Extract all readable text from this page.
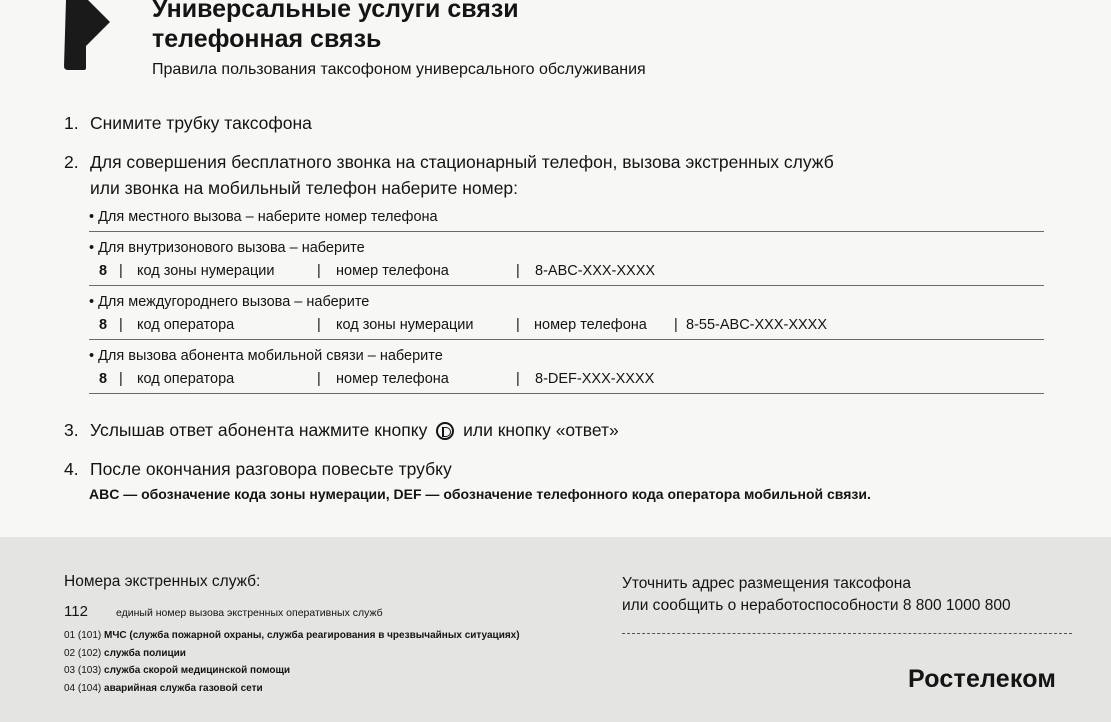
Универсальные услуги связи
телефонная связь
Правила пользования таксофоном универсального обслуживания
1. Снимите трубку таксофона
2. Для совершения бесплатного звонка на стационарный телефон, вызова экстренных служб
или звонка на мобильный телефон наберите номер:
• Для местного вызова – наберите номер телефона
• Для внутризонового вызова – наберите
8 | код зоны нумерации	| номер телефона	| 8-ABC-XXX-XXXX
• Для междугороднего вызова – наберите
8 | код оператора	| код зоны нумерации	| номер телефона | 8-55-ABC-XXX-XXXX
• Для вызова абонента мобильной связи – наберите
8 | код оператора	| номер телефона	| 8-DEF-XXX-XXXX
3. Услышав ответ абонента нажмите кнопку или кнопку «ответ»
4. После окончания разговора повесьте трубку
ABC — обозначение кода зоны нумерации, DEF — обозначение телефонного кода оператора мобильной связи.
Номера экстренных служб:
112	единый номер вызова экстренных оперативных служб
01 (101) МЧС (служба пожарной охраны, служба реагирования в чрезвычайных ситуациях)
02 (102) служба полиции
03 (103) служба скорой медицинской помощи
04 (104) аварийная служба газовой сети
Уточнить адрес размещения таксофона
или сообщить о неработоспособности 8 800 1000 800
Ростелеком
